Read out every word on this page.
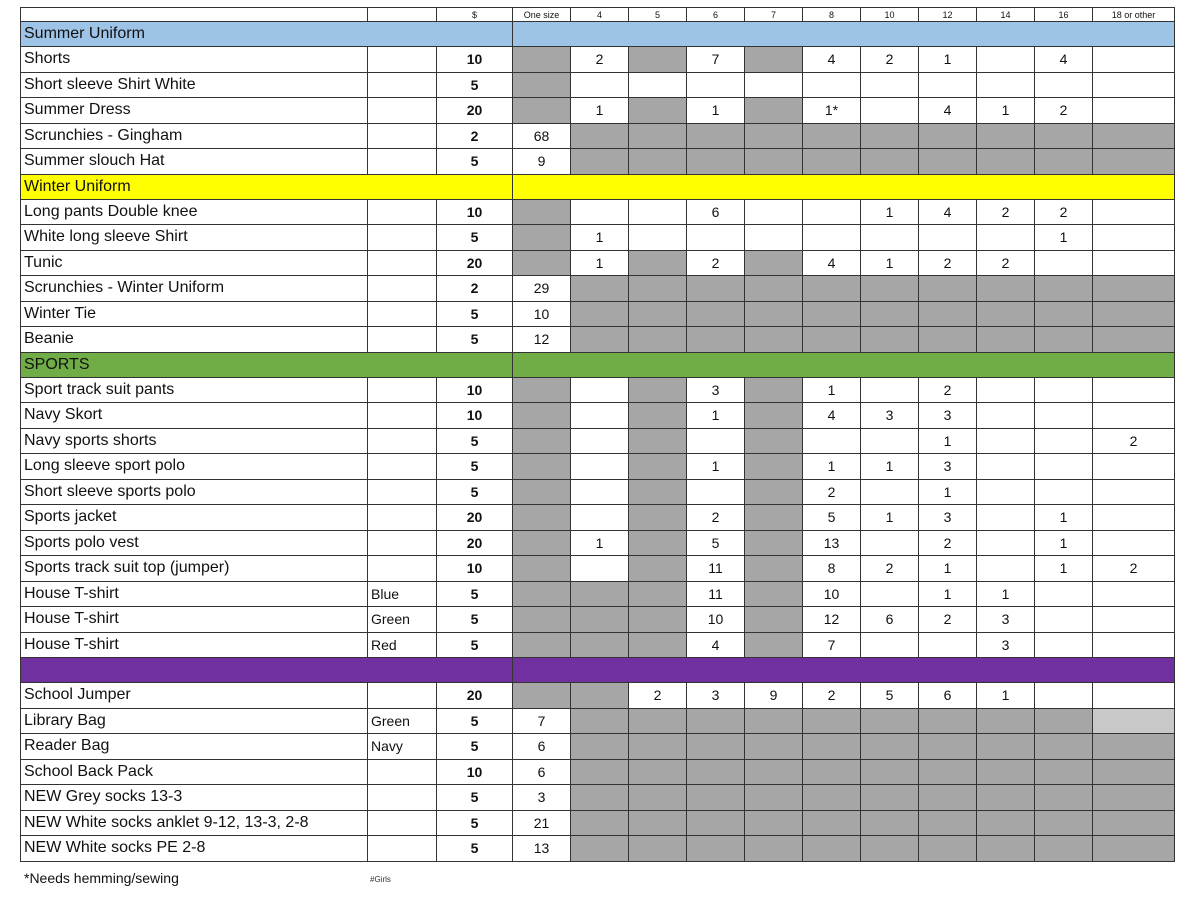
		$	One size	4	5	6	7	8	10	12	14	16	18 or other
Summer Uniform													
Shorts		10		2		7		4	2	1		4	
Short sleeve Shirt White		5											
Summer Dress		20		1		1		1*		4	1	2	
Scrunchies - Gingham		2	68										
Summer slouch Hat		5	9										
Winter Uniform													
Long pants Double knee		10				6			1	4	2	2	
White long sleeve Shirt		5		1								1	
Tunic		20		1		2		4	1	2	2		
Scrunchies - Winter Uniform		2	29										
Winter Tie		5	10										
Beanie		5	12										
SPORTS													
Sport track suit pants		10				3		1		2			
Navy Skort		10				1		4	3	3			
Navy sports shorts		5								1			2
Long sleeve sport polo		5				1		1	1	3			
Short sleeve sports polo		5						2		1			
Sports jacket		20				2		5	1	3		1	
Sports polo vest		20		1		5		13		2		1	
Sports track suit top (jumper)		10				11		8	2	1		1	2
House T-shirt	Blue	5				11		10		1	1		
House T-shirt	Green	5				10		12	6	2	3		
House T-shirt	Red	5				4		7			3		

School Jumper		20			2	3	9	2	5	6	1		
Library Bag	Green	5	7										
Reader Bag	Navy	5	6										
School Back Pack		10	6										
NEW Grey socks 13-3		5	3										
NEW White socks anklet 9-12, 13-3, 2-8		5	21										
NEW White socks PE 2-8		5	13										
*Needs hemming/sewing	#Girls
